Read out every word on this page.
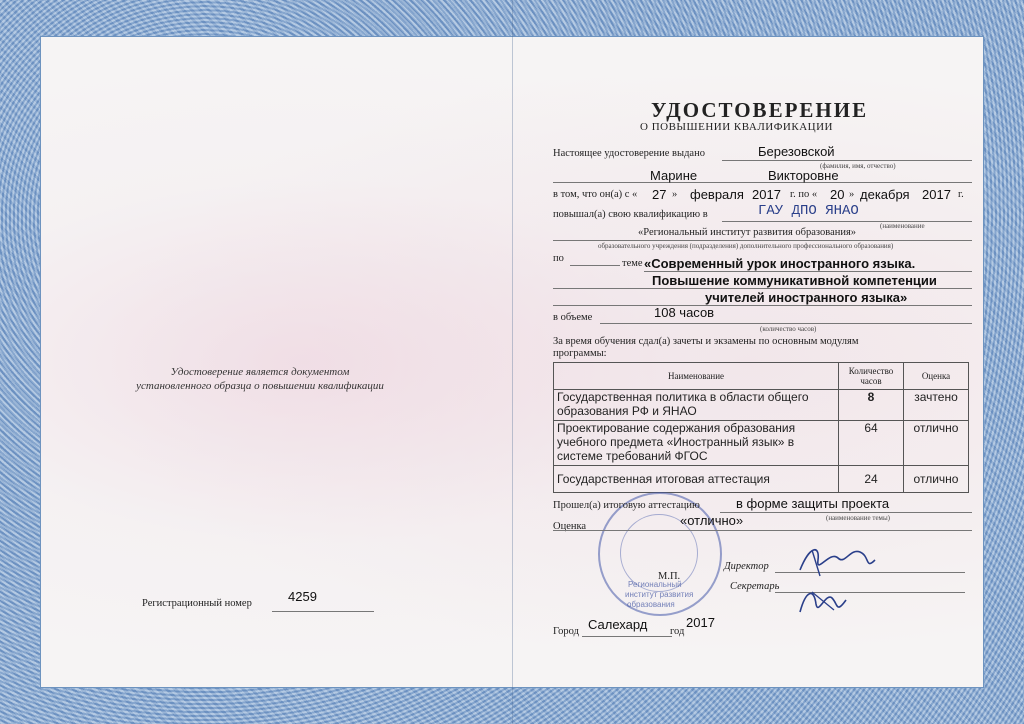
Удостоверение является документом
установленного образца о повышении квалификации
Регистрационный номер	4259
УДОСТОВЕРЕНИЕ
О ПОВЫШЕНИИ КВАЛИФИКАЦИИ
Настоящее удостоверение выдано	Березовской
(фамилия, имя, отчество)
Марине	Викторовне
в том, что он(а) с « 27 » февраля 2017 г. по « 20 » декабря 2017 г.
повышал(а) свою квалификацию в	ГАУ ДПО ЯНАО
(наименование
«Региональный институт развития образования»
образовательного учреждения (подразделения) дополнительного профессионального образования)
по	теме «Современный урок иностранного языка.
Повышение коммуникативной компетенции
учителей иностранного языка»
в объеме	108 часов
(количество часов)
За время обучения сдал(а) зачеты и экзамены по основным модулям
программы:
Наименование	Количество часов	Оценка
Государственная политика в области общего образования РФ и ЯНАО	8	зачтено
Проектирование содержания образования учебного предмета «Иностранный язык» в системе требований ФГОС	64	отлично
Государственная итоговая аттестация	24	отлично
Региональный
институт развития
образования
Прошел(а) итоговую аттестацию	в форме защиты проекта
(наименование темы)
«отлично»
Оценка
М.П.
Директор
Секретарь
Город Салехард год
2017
